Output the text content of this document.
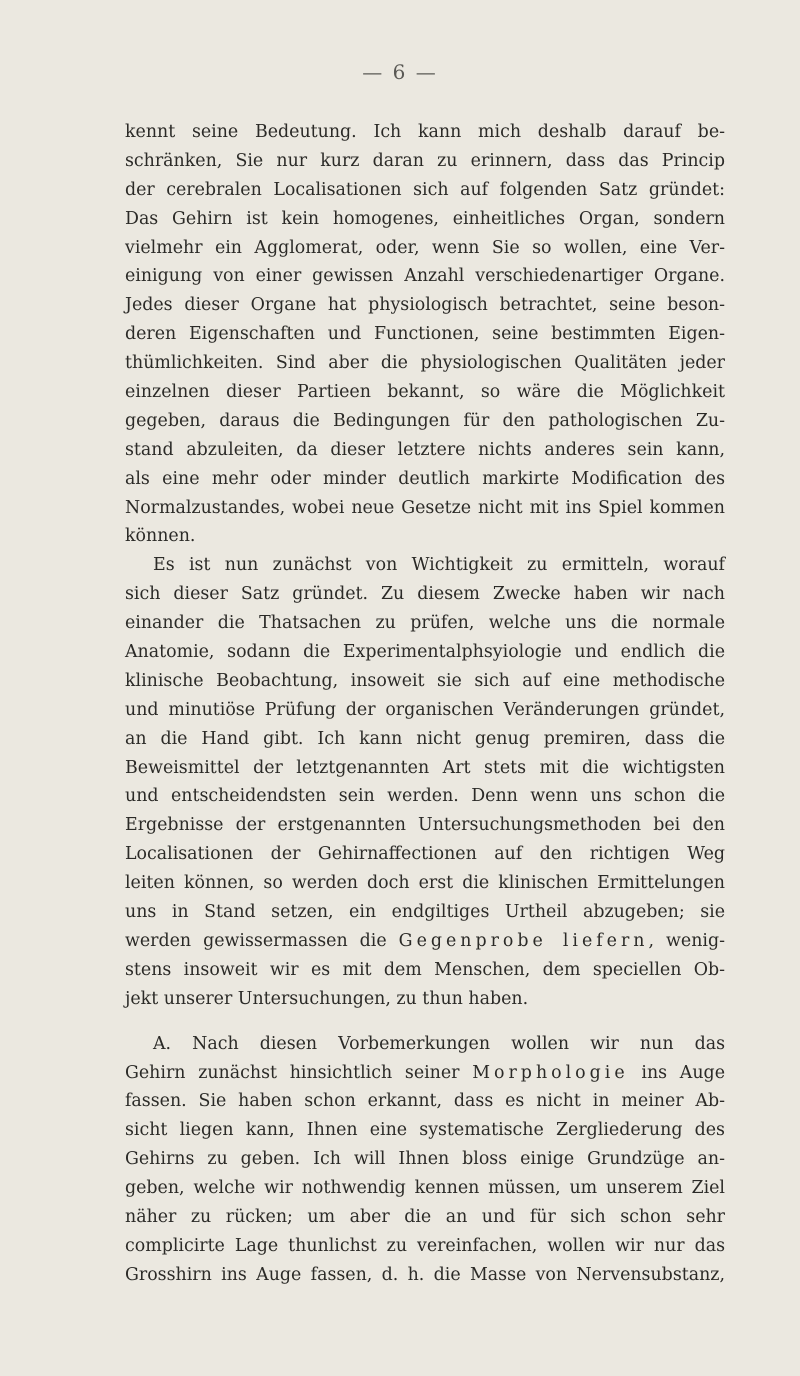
— 6 —
kennt seine Bedeutung. Ich kann mich deshalb darauf be-
schränken, Sie nur kurz daran zu erinnern, dass das Princip
der cerebralen Localisationen sich auf folgenden Satz gründet:
Das Gehirn ist kein homogenes, einheitliches Organ, sondern
vielmehr ein Agglomerat, oder, wenn Sie so wollen, eine Ver-
einigung von einer gewissen Anzahl verschiedenartiger Organe.
Jedes dieser Organe hat physiologisch betrachtet, seine beson-
deren Eigenschaften und Functionen, seine bestimmten Eigen-
thümlichkeiten. Sind aber die physiologischen Qualitäten jeder
einzelnen dieser Partieen bekannt, so wäre die Möglichkeit
gegeben, daraus die Bedingungen für den pathologischen Zu-
stand abzuleiten, da dieser letztere nichts anderes sein kann,
als eine mehr oder minder deutlich markirte Modification des
Normalzustandes, wobei neue Gesetze nicht mit ins Spiel kommen
können.
Es ist nun zunächst von Wichtigkeit zu ermitteln, worauf
sich dieser Satz gründet. Zu diesem Zwecke haben wir nach
einander die Thatsachen zu prüfen, welche uns die normale
Anatomie, sodann die Experimentalphsyiologie und endlich die
klinische Beobachtung, insoweit sie sich auf eine methodische
und minutiöse Prüfung der organischen Veränderungen gründet,
an die Hand gibt. Ich kann nicht genug premiren, dass die
Beweismittel der letztgenannten Art stets mit die wichtigsten
und entscheidendsten sein werden. Denn wenn uns schon die
Ergebnisse der erstgenannten Untersuchungsmethoden bei den
Localisationen der Gehirnaffectionen auf den richtigen Weg
leiten können, so werden doch erst die klinischen Ermittelungen
uns in Stand setzen, ein endgiltiges Urtheil abzugeben; sie
werden gewissermassen die Gegenprobe liefern, wenig-
stens insoweit wir es mit dem Menschen, dem speciellen Ob-
jekt unserer Untersuchungen, zu thun haben.
A. Nach diesen Vorbemerkungen wollen wir nun das
Gehirn zunächst hinsichtlich seiner Morphologie ins Auge
fassen. Sie haben schon erkannt, dass es nicht in meiner Ab-
sicht liegen kann, Ihnen eine systematische Zergliederung des
Gehirns zu geben. Ich will Ihnen bloss einige Grundzüge an-
geben, welche wir nothwendig kennen müssen, um unserem Ziel
näher zu rücken; um aber die an und für sich schon sehr
complicirte Lage thunlichst zu vereinfachen, wollen wir nur das
Grosshirn ins Auge fassen, d. h. die Masse von Nervensubstanz,
